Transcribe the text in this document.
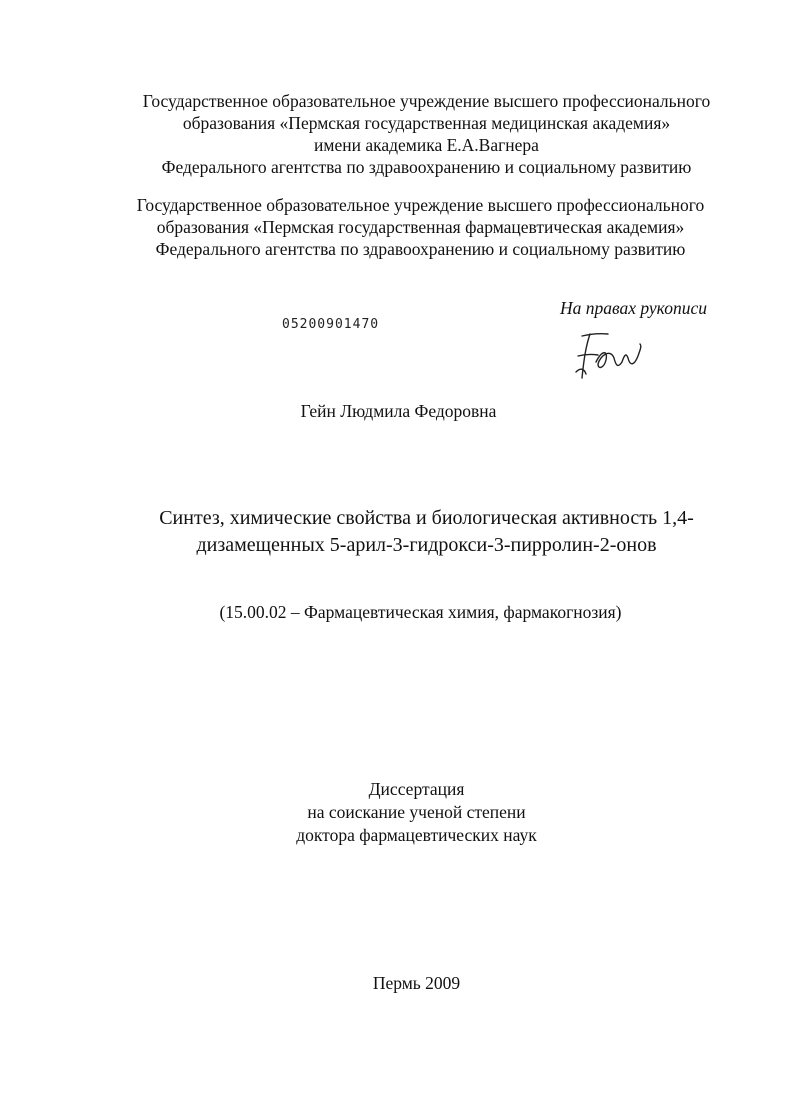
Государственное образовательное учреждение высшего профессионального
образования «Пермская государственная медицинская академия»
имени академика Е.А.Вагнера
Федерального агентства по здравоохранению и социальному развитию
Государственное образовательное учреждение высшего профессионального
образования «Пермская государственная фармацевтическая академия»
Федерального агентства по здравоохранению и социальному развитию
05200901470
На правах рукописи
Гейн Людмила Федоровна
Синтез, химические свойства и биологическая активность 1,4-
дизамещенных 5-арил-3-гидрокси-3-пирролин-2-онов
(15.00.02 – Фармацевтическая химия, фармакогнозия)
Диссертация
на соискание ученой степени
доктора фармацевтических наук
Пермь 2009
